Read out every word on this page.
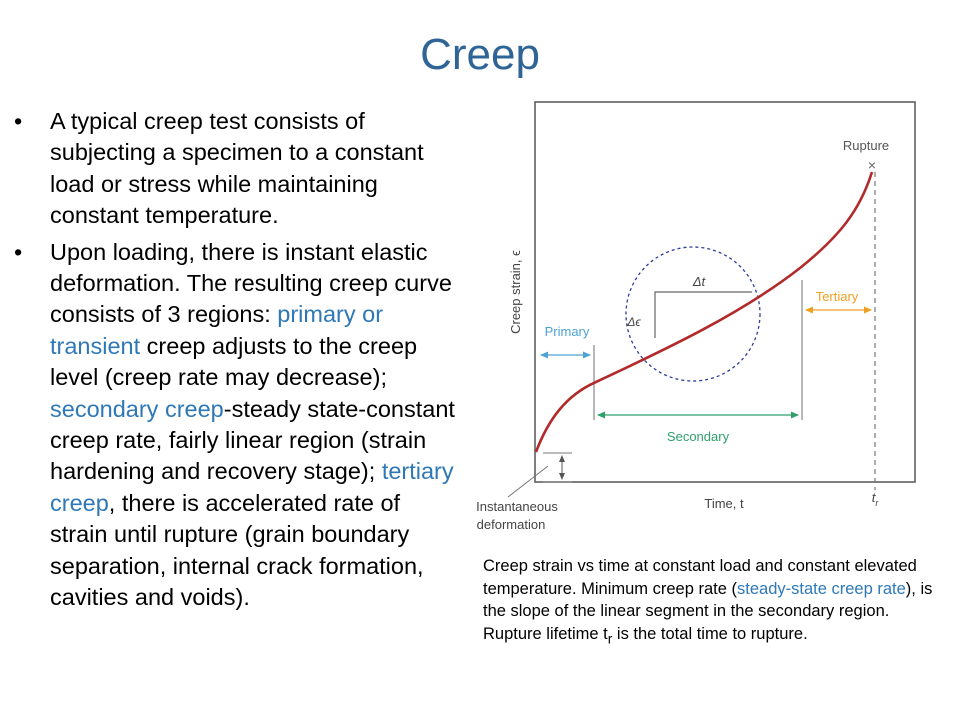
Creep
• A typical creep test consists of subjecting a specimen to a constant load or stress while maintaining constant temperature.
• Upon loading, there is instant elastic deformation. The resulting creep curve consists of 3 regions: primary or transient creep adjusts to the creep level (creep rate may decrease); secondary creep-steady state-constant creep rate, fairly linear region (strain hardening and recovery stage); tertiary creep, there is accelerated rate of strain until rupture (grain boundary separation, internal crack formation, cavities and voids).
×
Rupture
Primary
Secondary
Tertiary
Δt
Δϵ
Creep strain, ϵ
Time, t	$t_r$
Instantaneous
deformation
Creep strain vs time at constant load and constant elevated temperature. Minimum creep rate (steady-state creep rate), is the slope of the linear segment in the secondary region. Rupture lifetime $t_r$ is the total time to rupture.
